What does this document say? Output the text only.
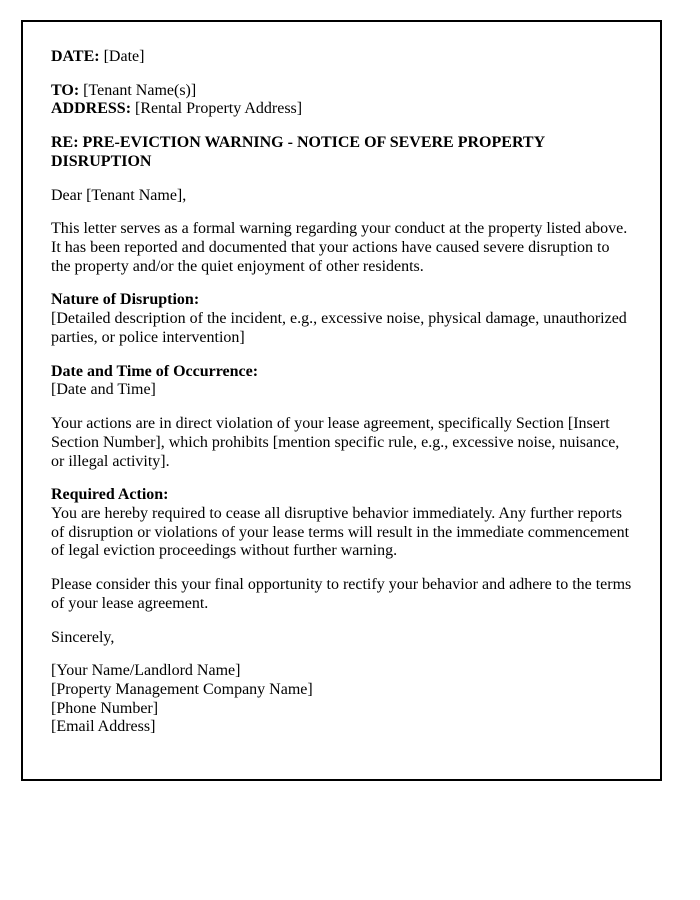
DATE: [Date]

TO: [Tenant Name(s)]
ADDRESS: [Rental Property Address]

RE: PRE-EVICTION WARNING - NOTICE OF SEVERE PROPERTY DISRUPTION

Dear [Tenant Name],

This letter serves as a formal warning regarding your conduct at the property listed above. It has been reported and documented that your actions have caused severe disruption to the property and/or the quiet enjoyment of other residents.

Nature of Disruption:
[Detailed description of the incident, e.g., excessive noise, physical damage, unauthorized parties, or police intervention]

Date and Time of Occurrence:
[Date and Time]

Your actions are in direct violation of your lease agreement, specifically Section [Insert Section Number], which prohibits [mention specific rule, e.g., excessive noise, nuisance, or illegal activity].

Required Action:
You are hereby required to cease all disruptive behavior immediately. Any further reports of disruption or violations of your lease terms will result in the immediate commencement of legal eviction proceedings without further warning.

Please consider this your final opportunity to rectify your behavior and adhere to the terms of your lease agreement.

Sincerely,

[Your Name/Landlord Name]
[Property Management Company Name]
[Phone Number]
[Email Address]
